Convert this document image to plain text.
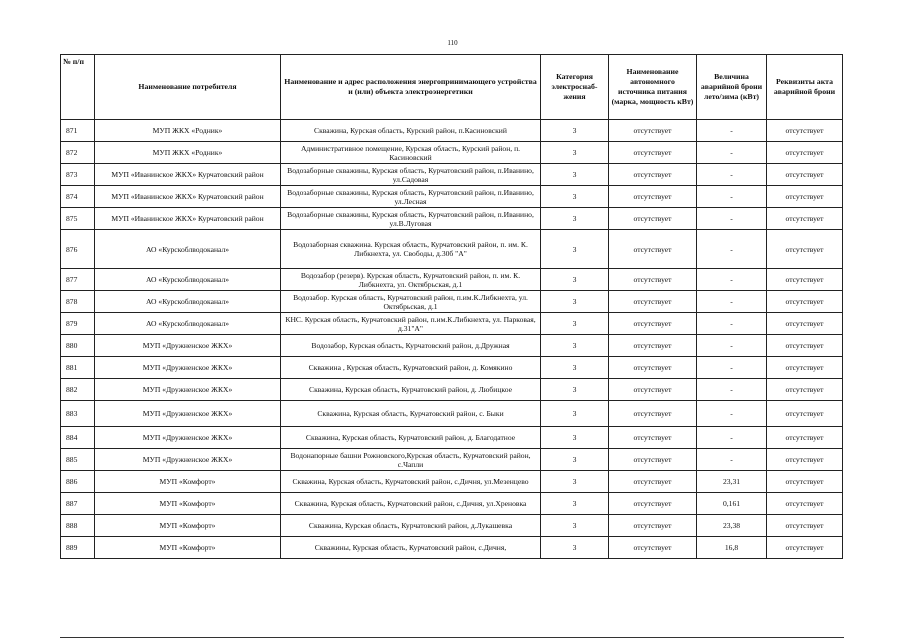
110
№ п/п	Наименование потребителя	Наименование и адрес расположения энергопринимающего устройства и (или) объекта электроэнергетики	Категория электроснаб-жения	Наименование автономного источника питания (марка, мощность кВт)	Величина аварийной брони лето/зима (кВт)	Реквизиты акта аварийной брони
871	МУП ЖКХ «Родник»	Скважина, Курская область, Курский район, п.Касиновский	3	отсутствует	-	отсутствует
872	МУП ЖКХ «Родник»	Административное помещение, Курская область, Курский район, п. Касиновский	3	отсутствует	-	отсутствует
873	МУП «Иванинское ЖКХ» Курчатовский район	Водозаборные скважины, Курская область, Курчатовский район, п.Иванино, ул.Садовая	3	отсутствует	-	отсутствует
874	МУП «Иванинское ЖКХ» Курчатовский район	Водозаборные скважины, Курская область, Курчатовский район, п.Иванино, ул.Лесная	3	отсутствует	-	отсутствует
875	МУП «Иванинское ЖКХ» Курчатовский район	Водозаборные скважины, Курская область, Курчатовский район, п.Иванино, ул.В.Луговая	3	отсутствует	-	отсутствует
876	АО «Курскоблводоканал»	Водозаборная скважина. Курская область, Курчатовский район, п. им. К. Либкнехта, ул. Свободы, д.30б "А"	3	отсутствует	-	отсутствует
877	АО «Курскоблводоканал»	Водозабор (резерв). Курская область, Курчатовский район, п. им. К. Либкнехта, ул. Октябрьская, д.1	3	отсутствует	-	отсутствует
878	АО «Курскоблводоканал»	Водозабор. Курская область, Курчатовский район, п.им.К.Либкнехта, ул. Октябрьская, д.1	3	отсутствует	-	отсутствует
879	АО «Курскоблводоканал»	КНС. Курская область, Курчатовский район, п.им.К.Либкнехта, ул. Парковая, д.31"А"	3	отсутствует	-	отсутствует
880	МУП «Дружненское ЖКХ»	Водозабор, Курская область, Курчатовский район, д.Дружная	3	отсутствует	-	отсутствует
881	МУП «Дружненское ЖКХ»	Скважина , Курская область, Курчатовский район, д. Комякино	3	отсутствует	-	отсутствует
882	МУП «Дружненское ЖКХ»	Скважина, Курская область, Курчатовский район, д. Любицкое	3	отсутствует	-	отсутствует
883	МУП «Дружненское ЖКХ»	Скважина, Курская область, Курчатовский район, с. Быки	3	отсутствует	-	отсутствует
884	МУП «Дружненское ЖКХ»	Скважина, Курская область, Курчатовский район, д. Благодатное	3	отсутствует	-	отсутствует
885	МУП «Дружненское ЖКХ»	Водонапорные башни Рожновского,Курская область, Курчатовский район, с.Чапли	3	отсутствует	-	отсутствует
886	МУП «Комфорт»	Скважина, Курская область, Курчатовский район, с.Дичня, ул.Мезенцево	3	отсутствует	23,31	отсутствует
887	МУП «Комфорт»	Скважина, Курская область, Курчатовский район, с.Дичня, ул.Хреновка	3	отсутствует	0,161	отсутствует
888	МУП «Комфорт»	Скважина, Курская область, Курчатовский район, д.Лукашевка	3	отсутствует	23,38	отсутствует
889	МУП «Комфорт»	Скважины, Курская область, Курчатовский район, с.Дичня,	3	отсутствует	16,8	отсутствует
